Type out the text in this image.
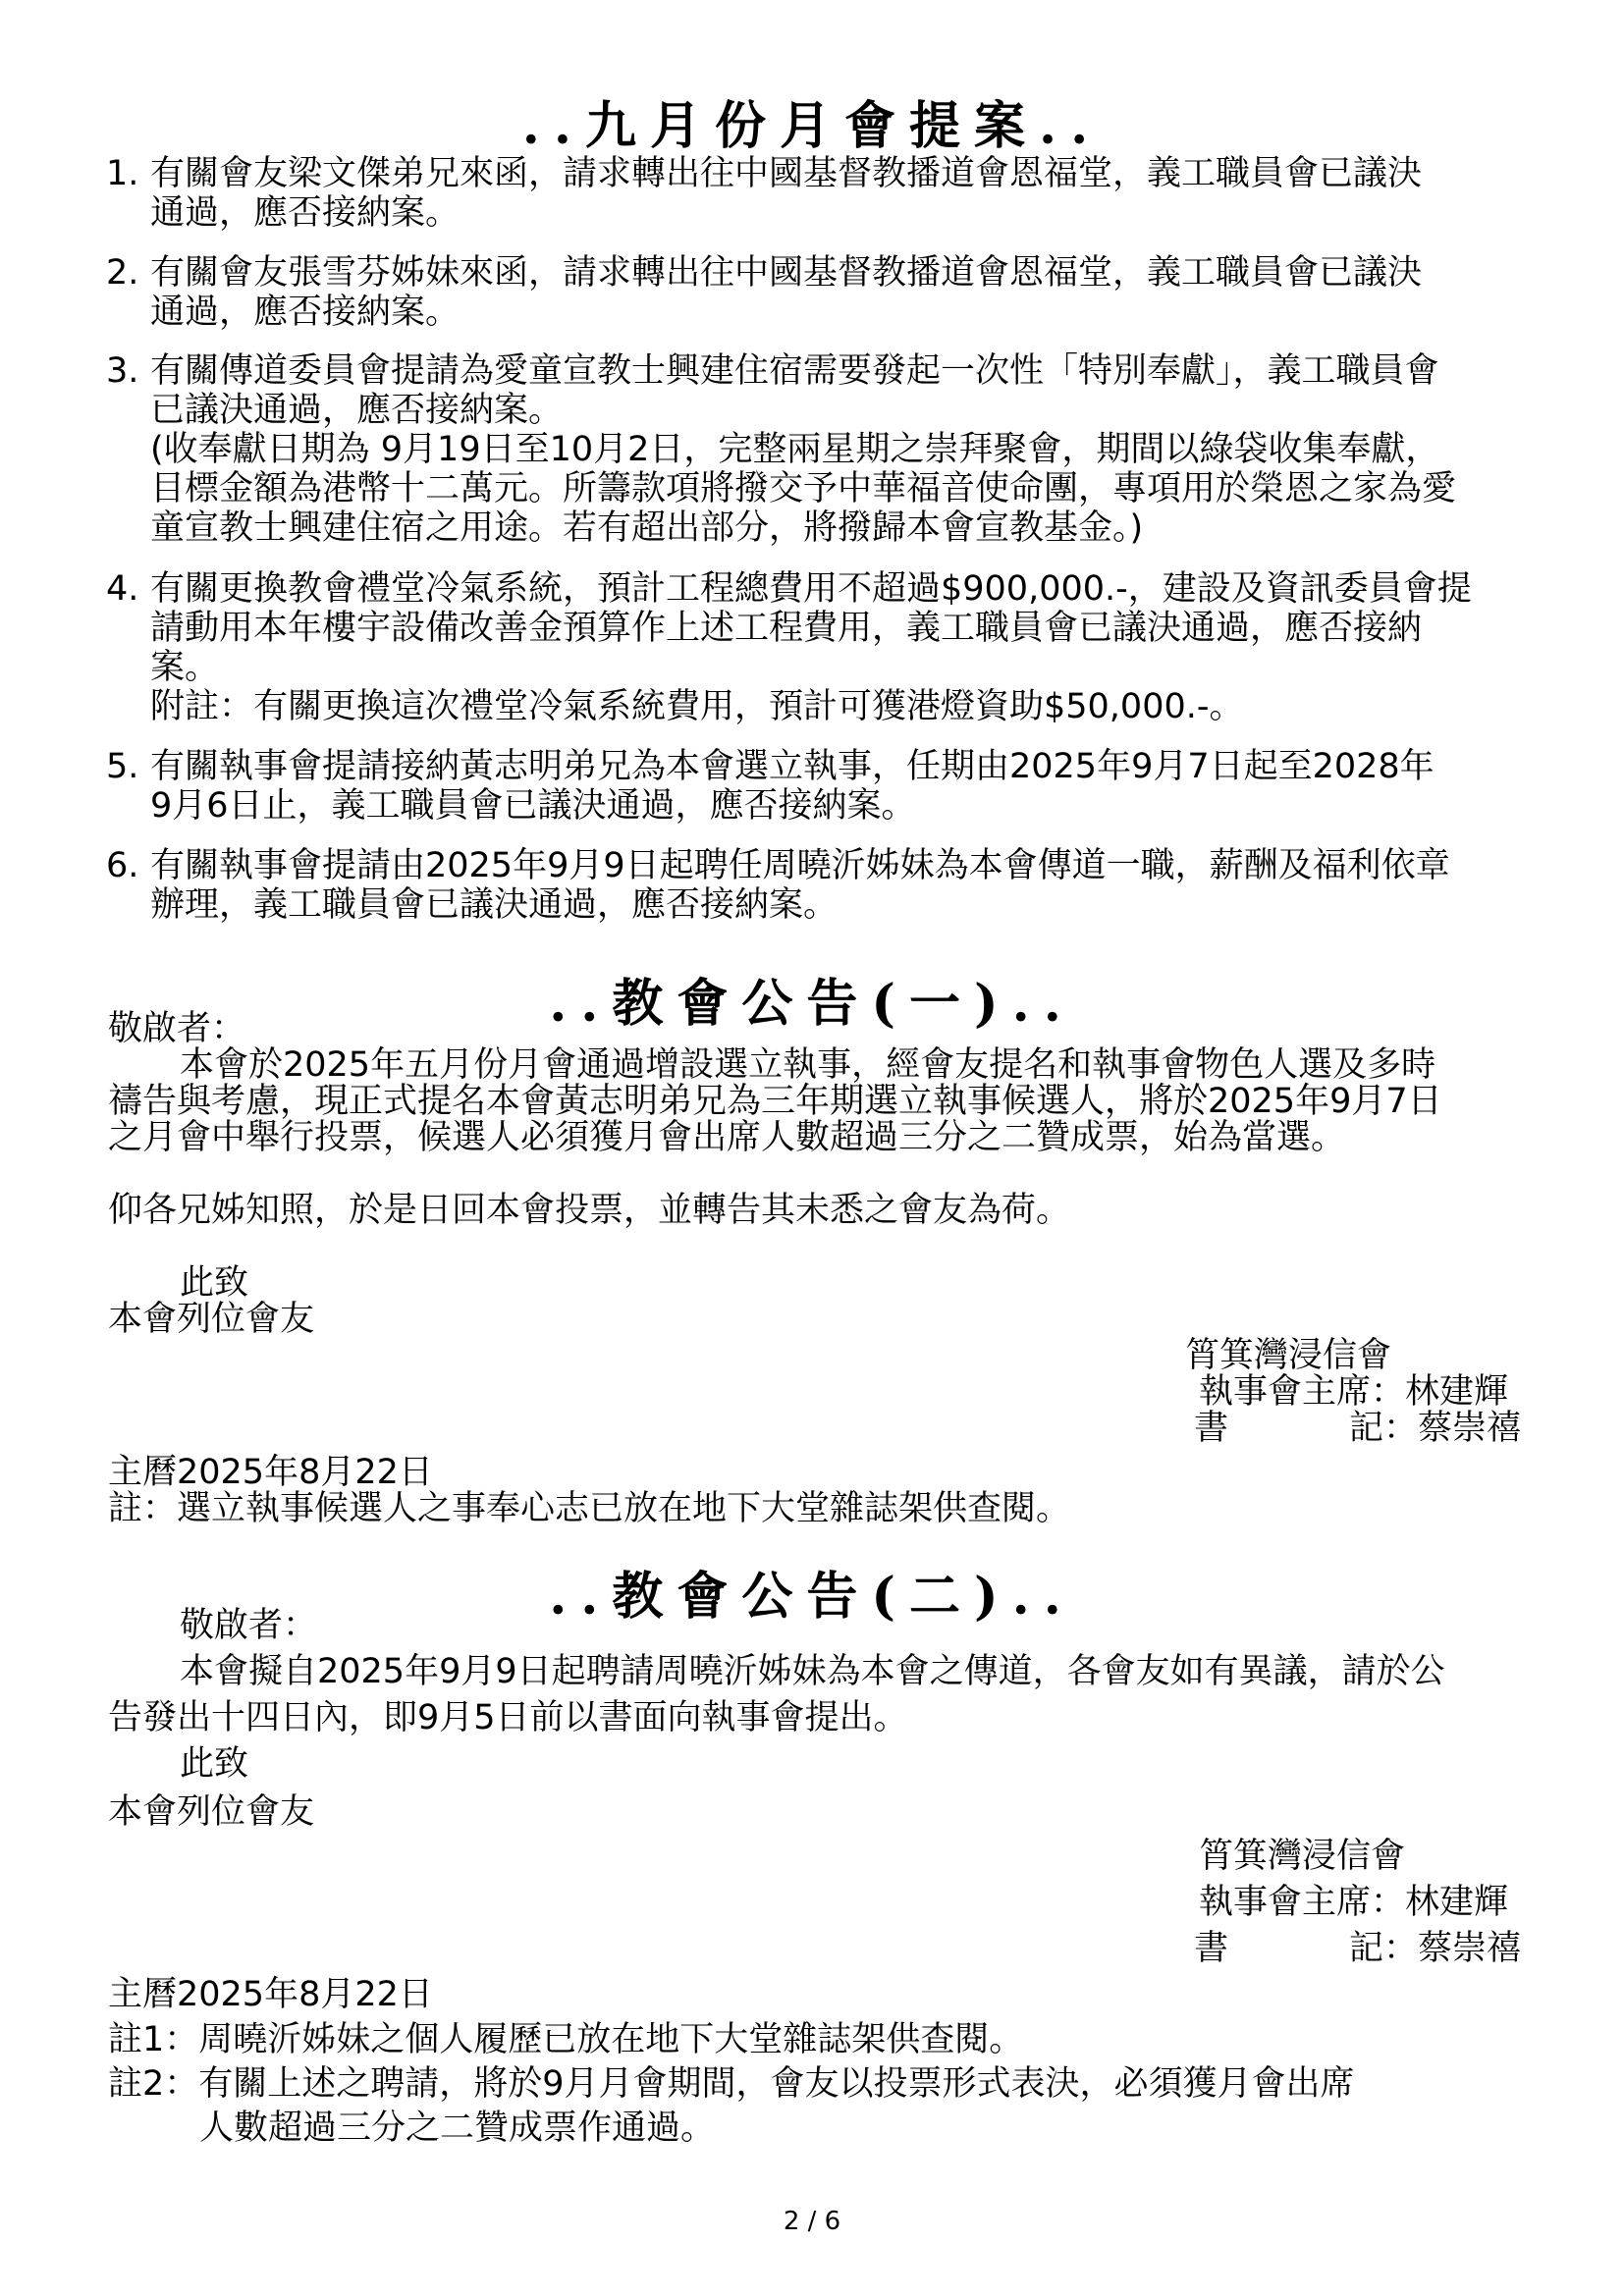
..九月份月會提案..
1. 有關會友梁文傑弟兄來函，請求轉出往中國基督教播道會恩福堂，義工職員會已議決
通過，應否接納案。
2. 有關會友張雪芬姊妹來函，請求轉出往中國基督教播道會恩福堂，義工職員會已議決
通過，應否接納案。
3. 有關傳道委員會提請為愛童宣教士興建住宿需要發起一次性「特別奉獻」，義工職員會
已議決通過，應否接納案。
(收奉獻日期為 9月19日至10月2日，完整兩星期之崇拜聚會，期間以綠袋收集奉獻，
目標金額為港幣十二萬元。所籌款項將撥交予中華福音使命團，專項用於榮恩之家為愛
童宣教士興建住宿之用途。若有超出部分，將撥歸本會宣教基金。)
4. 有關更換教會禮堂冷氣系統，預計工程總費用不超過$900,000.-，建設及資訊委員會提
請動用本年樓宇設備改善金預算作上述工程費用，義工職員會已議決通過，應否接納
案。
附註：有關更換這次禮堂冷氣系統費用，預計可獲港燈資助$50,000.-。
5. 有關執事會提請接納黃志明弟兄為本會選立執事，任期由2025年9月7日起至2028年
9月6日止，義工職員會已議決通過，應否接納案。
6. 有關執事會提請由2025年9月9日起聘任周曉沂姊妹為本會傳道一職，薪酬及福利依章
辦理，義工職員會已議決通過，應否接納案。
..教會公告(一)..
敬啟者：
本會於2025年五月份月會通過增設選立執事，經會友提名和執事會物色人選及多時
禱告與考慮，現正式提名本會黃志明弟兄為三年期選立執事候選人，將於2025年9月7日
之月會中舉行投票，候選人必須獲月會出席人數超過三分之二贊成票，始為當選。
仰各兄姊知照，於是日回本會投票，並轉告其未悉之會友為荷。
此致
本會列位會友
筲箕灣浸信會
執事會主席：林建輝
書	記：蔡崇禧
主曆2025年8月22日
註：選立執事候選人之事奉心志已放在地下大堂雜誌架供查閱。
..教會公告(二)..
敬啟者：
本會擬自2025年9月9日起聘請周曉沂姊妹為本會之傳道，各會友如有異議，請於公
告發出十四日內，即9月5日前以書面向執事會提出。
此致
本會列位會友
筲箕灣浸信會
執事會主席：林建輝
書	記：蔡崇禧
主曆2025年8月22日
註1：周曉沂姊妹之個人履歷已放在地下大堂雜誌架供查閱。
註2：有關上述之聘請，將於9月月會期間，會友以投票形式表決，必須獲月會出席
人數超過三分之二贊成票作通過。
2 / 6
